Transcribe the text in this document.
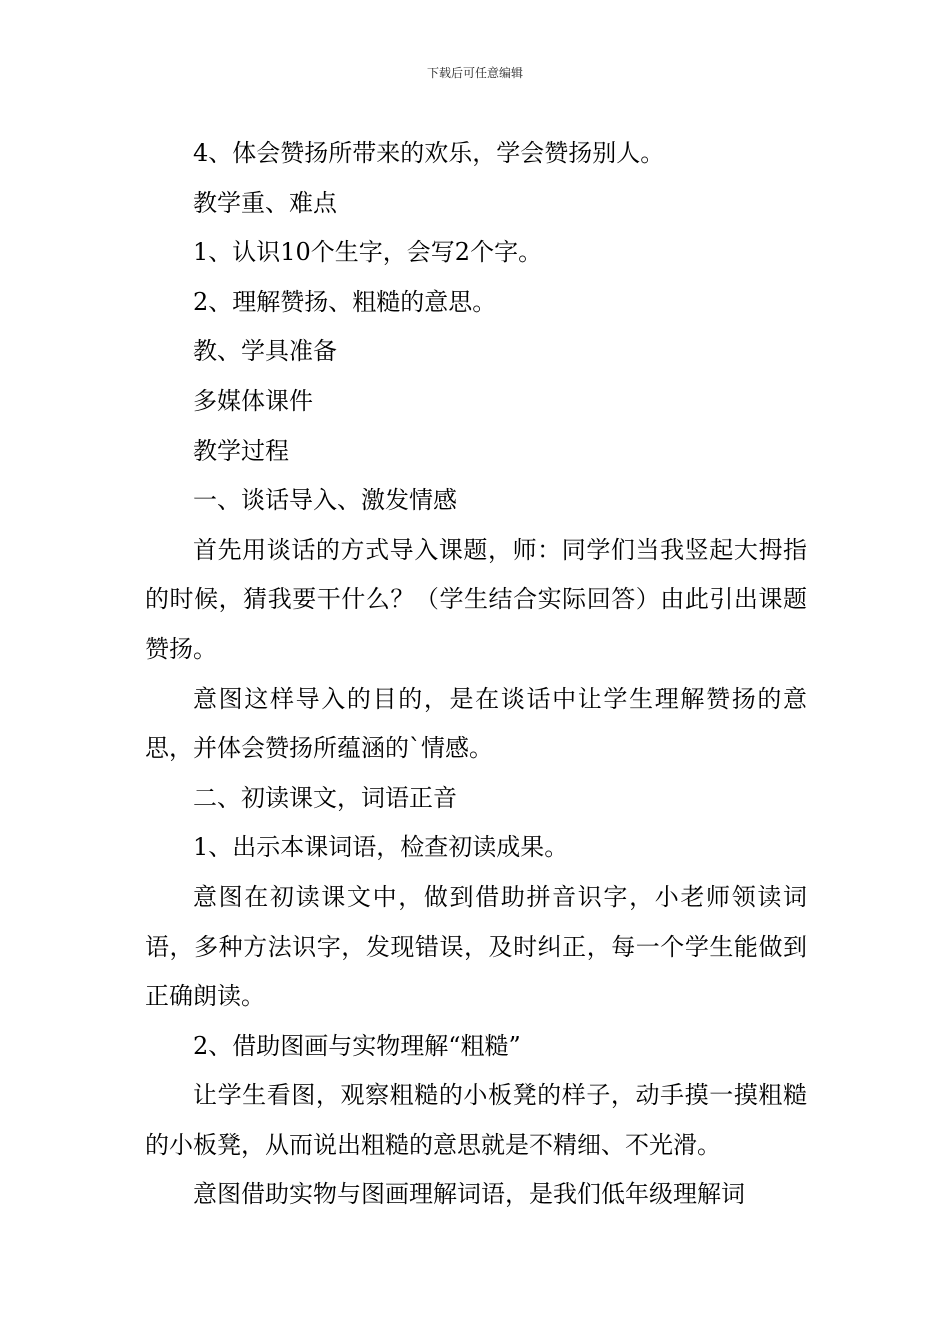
下载后可任意编辑

4、体会赞扬所带来的欢乐，学会赞扬别人。

教学重、难点

1、认识10个生字，会写2个字。

2、理解赞扬、粗糙的意思。

教、学具准备

多媒体课件

教学过程

一、谈话导入、激发情感

首先用谈话的方式导入课题，师：同学们当我竖起大拇指的时候，猜我要干什么？（学生结合实际回答）由此引出课题赞扬。

意图这样导入的目的，是在谈话中让学生理解赞扬的意思，并体会赞扬所蕴涵的`情感。

二、初读课文，词语正音

1、出示本课词语，检查初读成果。

意图在初读课文中，做到借助拼音识字，小老师领读词语，多种方法识字，发现错误，及时纠正，每一个学生能做到正确朗读。

2、借助图画与实物理解“粗糙”

让学生看图，观察粗糙的小板凳的样子，动手摸一摸粗糙的小板凳，从而说出粗糙的意思就是不精细、不光滑。

意图借助实物与图画理解词语，是我们低年级理解词
